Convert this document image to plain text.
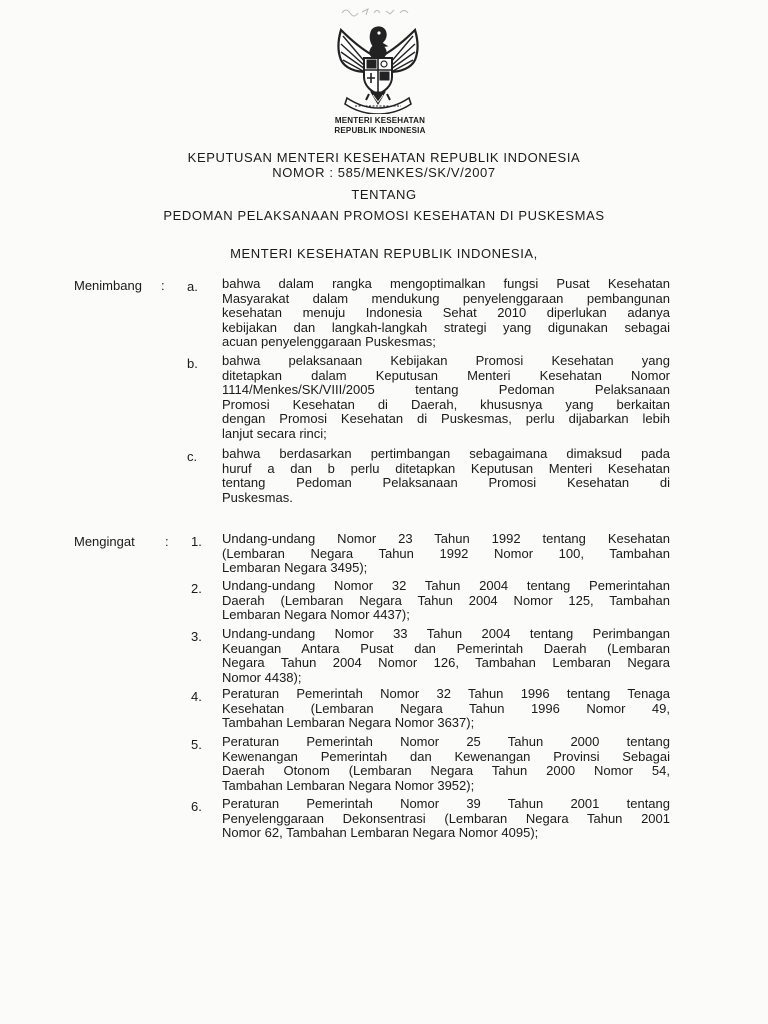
MENTERI KESEHATAN
REPUBLIK INDONESIA
KEPUTUSAN MENTERI KESEHATAN REPUBLIK INDONESIA
NOMOR : 585/MENKES/SK/V/2007
TENTANG
PEDOMAN PELAKSANAAN PROMOSI KESEHATAN DI PUSKESMAS
MENTERI KESEHATAN REPUBLIK INDONESIA,
Menimbang : a. bahwa dalam rangka mengoptimalkan fungsi Pusat Kesehatan
Masyarakat dalam mendukung penyelenggaraan pembangunan
kesehatan menuju Indonesia Sehat 2010 diperlukan adanya
kebijakan dan langkah-langkah strategi yang digunakan sebagai
acuan penyelenggaraan Puskesmas;
b. bahwa pelaksanaan Kebijakan Promosi Kesehatan yang
ditetapkan dalam Keputusan Menteri Kesehatan Nomor
1114/Menkes/SK/VIII/2005 tentang Pedoman Pelaksanaan
Promosi Kesehatan di Daerah, khususnya yang berkaitan
dengan Promosi Kesehatan di Puskesmas, perlu dijabarkan lebih
lanjut secara rinci;
c. bahwa berdasarkan pertimbangan sebagaimana dimaksud pada
huruf a dan b perlu ditetapkan Keputusan Menteri Kesehatan
tentang Pedoman Pelaksanaan Promosi Kesehatan di
Puskesmas.
Mengingat : 1. Undang-undang Nomor 23 Tahun 1992 tentang Kesehatan
(Lembaran Negara Tahun 1992 Nomor 100, Tambahan
Lembaran Negara 3495);
2. Undang-undang Nomor 32 Tahun 2004 tentang Pemerintahan
Daerah (Lembaran Negara Tahun 2004 Nomor 125, Tambahan
Lembaran Negara Nomor 4437);
3. Undang-undang Nomor 33 Tahun 2004 tentang Perimbangan
Keuangan Antara Pusat dan Pemerintah Daerah (Lembaran
Negara Tahun 2004 Nomor 126, Tambahan Lembaran Negara
Nomor 4438);
4. Peraturan Pemerintah Nomor 32 Tahun 1996 tentang Tenaga
Kesehatan (Lembaran Negara Tahun 1996 Nomor 49,
Tambahan Lembaran Negara Nomor 3637);
5. Peraturan Pemerintah Nomor 25 Tahun 2000 tentang
Kewenangan Pemerintah dan Kewenangan Provinsi Sebagai
Daerah Otonom (Lembaran Negara Tahun 2000 Nomor 54,
Tambahan Lembaran Negara Nomor 3952);
6. Peraturan Pemerintah Nomor 39 Tahun 2001 tentang
Penyelenggaraan Dekonsentrasi (Lembaran Negara Tahun 2001
Nomor 62, Tambahan Lembaran Negara Nomor 4095);
